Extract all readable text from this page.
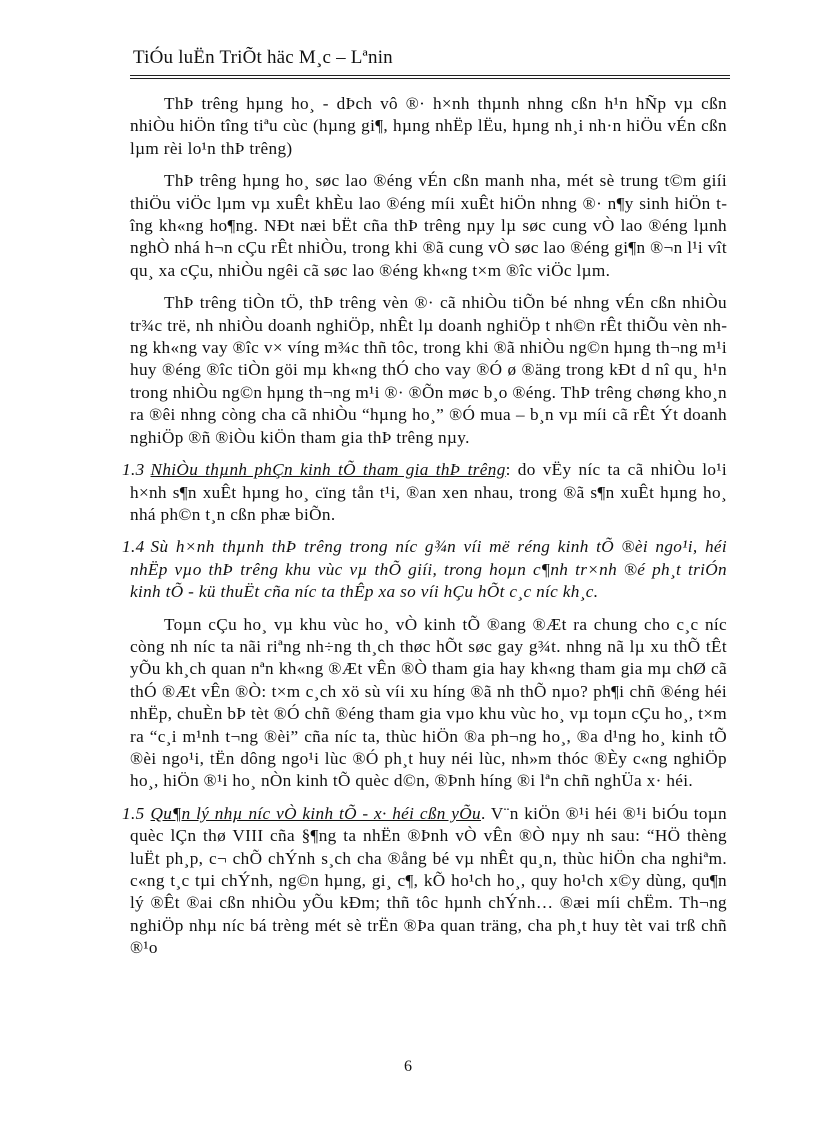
TiÓu luËn TriÕt häc M¸c – Lªnin

ThÞ trêng hµng ho¸ - dÞch vô ®· h×nh thµnh nhng cßn h¹n hÑp vµ cßn nhiÒu hiÖn tîng tiªu cùc (hµng gi¶, hµng nhËp lËu, hµng nh¸i nh·n hiÖu vÉn cßn lµm rèi lo¹n thÞ trêng)

ThÞ trêng hµng ho¸ søc lao ®éng vÉn cßn manh nha, mét sè trung t©m giíi thiÖu viÖc lµm vµ xuÊt khÈu lao ®éng míi xuÊt hiÖn nhng ®· n¶y sinh hiÖn tîng kh«ng ho¶ng. NÐt næi bËt cña thÞ trêng nµy lµ søc cung vÒ lao ®éng lµnh nghÒ nhá h¬n cÇu rÊt nhiÒu, trong khi ®ã cung vÒ søc lao ®éng gi¶n ®¬n l¹i vît qu¸ xa cÇu, nhiÒu ngêi cã søc lao ®éng kh«ng t×m ®îc viÖc lµm.

ThÞ trêng tiÒn tÖ, thÞ trêng vèn ®· cã nhiÒu tiÕn bé nhng vÉn cßn nhiÒu tr¾c trë, nh nhiÒu doanh nghiÖp, nhÊt lµ doanh nghiÖp t nh©n rÊt thiÕu vèn nhng kh«ng vay ®îc v× víng m¾c thñ tôc, trong khi ®ã nhiÒu ng©n hµng th¬ng m¹i huy ®éng ®îc tiÒn göi mµ kh«ng thÓ cho vay ®Ó ø ®äng trong kÐt d nî qu¸ h¹n trong nhiÒu ng©n hµng th¬ng m¹i ®· ®Õn møc b¸o ®éng. ThÞ trêng chøng kho¸n ra ®êi nhng còng cha cã nhiÒu “hµng ho¸” ®Ó mua – b¸n vµ míi cã rÊt Ýt doanh nghiÖp ®ñ ®iÒu kiÖn tham gia thÞ trêng nµy.

1.3 NhiÒu thµnh phÇn kinh tÕ tham gia thÞ trêng: do vËy níc ta cã nhiÒu lo¹i h×nh s¶n xuÊt hµng ho¸ cïng tån t¹i, ®an xen nhau, trong ®ã s¶n xuÊt hµng ho¸ nhá ph©n t¸n cßn phæ biÕn.

1.4 Sù h×nh thµnh thÞ trêng trong níc g¾n víi më réng kinh tÕ ®èi ngo¹i, héi nhËp vµo thÞ trêng khu vùc vµ thÕ giíi, trong hoµn c¶nh tr×nh ®é ph¸t triÓn kinh tÕ - kü thuËt cña níc ta thÊp xa so víi hÇu hÕt c¸c níc kh¸c.

Toµn cÇu ho¸ vµ khu vùc ho¸ vÒ kinh tÕ ®ang ®Æt ra chung cho c¸c níc còng nh níc ta nãi riªng nh÷ng th¸ch thøc hÕt søc gay g¾t. nhng nã lµ xu thÕ tÊt yÕu kh¸ch quan nªn kh«ng ®Æt vÊn ®Ò tham gia hay kh«ng tham gia mµ chØ cã thÓ ®Æt vÊn ®Ò: t×m c¸ch xö sù víi xu híng ®ã nh thÕ nµo? ph¶i chñ ®éng héi nhËp, chuÈn bÞ tèt ®Ó chñ ®éng tham gia vµo khu vùc ho¸ vµ toµn cÇu ho¸, t×m ra “c¸i m¹nh t¬ng ®èi” cña níc ta, thùc hiÖn ®a ph¬ng ho¸, ®a d¹ng ho¸ kinh tÕ ®èi ngo¹i, tËn dông ngo¹i lùc ®Ó ph¸t huy néi lùc, nh»m thóc ®Èy c«ng nghiÖp ho¸, hiÖn ®¹i ho¸ nÒn kinh tÕ quèc d©n, ®Þnh híng ®i lªn chñ nghÜa x· héi.

1.5 Qu¶n lý nhµ níc vÒ kinh tÕ - x· héi cßn yÕu. V¨n kiÖn ®¹i héi ®¹i biÓu toµn quèc lÇn thø VIII cña §¶ng ta nhËn ®Þnh vÒ vÊn ®Ò nµy nh sau: “HÖ thèng luËt ph¸p, c¬ chÕ chÝnh s¸ch cha ®ång bé vµ nhÊt qu¸n, thùc hiÖn cha nghiªm. c«ng t¸c tµi chÝnh, ng©n hµng, gi¸ c¶, kÕ ho¹ch ho¸, quy ho¹ch x©y dùng, qu¶n lý ®Êt ®ai cßn nhiÒu yÕu kÐm; thñ tôc hµnh chÝnh… ®æi míi chËm. Th¬ng nghiÖp nhµ níc bá trèng mét sè trËn ®Þa quan träng, cha ph¸t huy tèt vai trß chñ ®¹o

6
